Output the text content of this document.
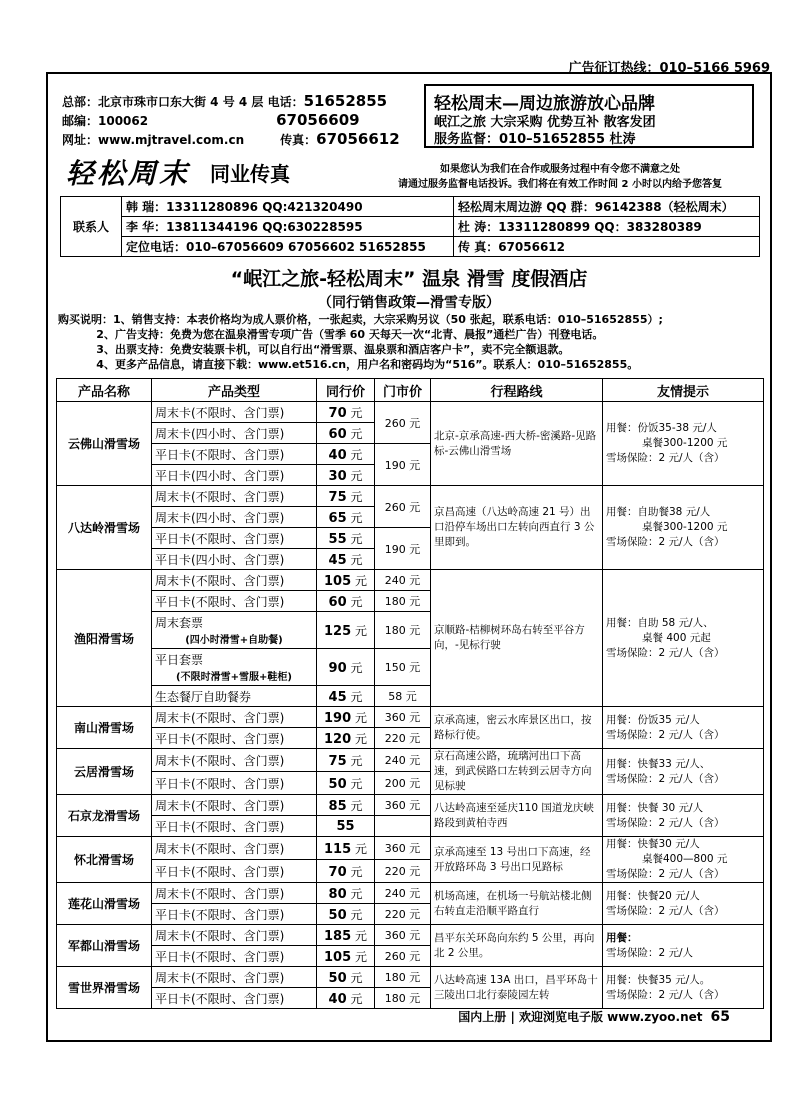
广告征订热线：010–5166 5969
总部：北京市珠市口东大街 4 号 4 层 电话：51652855
邮编：100062	67056609
网址：www.mjtravel.com.cn	传真：67056612
轻松周末—周边旅游放心品牌
岷江之旅 大宗采购 优势互补 散客发团
服务监督：010–51652855 杜涛
轻松周末 同业传真	如果您认为我们在合作或服务过程中有令您不满意之处
请通过服务监督电话投诉。我们将在有效工作时间 2 小时以内给予您答复
联系人	韩 瑞：13311280896 QQ:421320490	轻松周末周边游 QQ 群：96142388（轻松周末）
	李 华：13811344196 QQ:630228595	杜 涛：13311280899 QQ：383280389
	定位电话：010–67056609 67056602 51652855	传 真：67056612
“岷江之旅-轻松周末” 温泉 滑雪 度假酒店
（同行销售政策—滑雪专版）
购买说明：1、销售支持：本表价格均为成人票价格，一张起卖，大宗采购另议（50 张起，联系电话：010–51652855）;
2、广告支持：免费为您在温泉滑雪专项广告（雪季 60 天每天一次“北青、晨报”通栏广告）刊登电话。
3、出票支持：免费安装票卡机，可以自行出“滑雪票、温泉票和酒店客户卡”，卖不完全额退款。
4、更多产品信息，请直接下载：www.et516.cn，用户名和密码均为“516”。联系人：010–51652855。
产品名称	产品类型	同行价	门市价	行程路线	友情提示
云佛山滑雪场	周末卡(不限时、含门票)	70 元	260 元	北京-京承高速-西大桥-密溪路-见路标-云佛山滑雪场	用餐：份饭35-38 元/人
桌餐300-1200 元
雪场保险：2 元/人（含）

	周末卡(四小时、含门票)	60 元			
	平日卡(不限时、含门票)	40 元	190 元		
	平日卡(四小时、含门票)	30 元			
八达岭滑雪场	周末卡(不限时、含门票)	75 元	260 元	京昌高速（八达岭高速 21 号）出口沿停车场出口左转向西直行 3 公里即到。	用餐：自助餐38 元/人
桌餐300-1200 元
雪场保险：2 元/人（含）

	周末卡(四小时、含门票)	65 元			
	平日卡(不限时、含门票)	55 元	190 元		
	平日卡(四小时、含门票)	45 元			
渔阳滑雪场	周末卡(不限时、含门票)	105 元	240 元	京顺路-桔柳树环岛右转至平谷方向，-见标行驶	用餐：自助 58 元/人、
桌餐 400 元起
雪场保险：2 元/人（含）

	平日卡(不限时、含门票)	60 元	180 元		

	周末套票
(四小时滑雪+自助餐)	125 元	180 元		

	平日套票
(不限时滑雪+雪服+鞋柜)	90 元	150 元		
	生态餐厅自助餐券	45 元	58 元		
南山滑雪场	周末卡(不限时、含门票)	190 元	360 元	京承高速，密云水库景区出口，按路标行使。	用餐：份饭35 元/人
雪场保险：2 元/人（含）

	平日卡(不限时、含门票)	120 元	220 元		
云居滑雪场	周末卡(不限时、含门票)	75 元	240 元	京石高速公路，琉璃河出口下高速，到武侯路口左转到云居寺方向见标驶	用餐：快餐33 元/人、
雪场保险：2 元/人（含）

	平日卡(不限时、含门票)	50 元	200 元		
石京龙滑雪场	周末卡(不限时、含门票)	85 元	360 元	八达岭高速至延庆110 国道龙庆峡路段到黄柏寺西	用餐：快餐 30 元/人
雪场保险：2 元/人（含）

	平日卡(不限时、含门票)	55			
怀北滑雪场	周末卡(不限时、含门票)	115 元	360 元	京承高速至 13 号出口下高速，经开放路环岛 3 号出口见路标	用餐：快餐30 元/人
桌餐400—800 元
雪场保险：2 元/人（含）

	平日卡(不限时、含门票)	70 元	220 元		
莲花山滑雪场	周末卡(不限时、含门票)	80 元	240 元	机场高速，在机场一号航站楼北侧右转直走沿顺平路直行	用餐：快餐20 元/人
雪场保险：2 元/人（含）

	平日卡(不限时、含门票)	50 元	220 元		
军都山滑雪场	周末卡(不限时、含门票)	185 元	360 元	昌平东关环岛向东约 5 公里，再向北 2 公里。	用餐：
雪场保险：2 元/人

	平日卡(不限时、含门票)	105 元	260 元		
雪世界滑雪场	周末卡(不限时、含门票)	50 元	180 元	八达岭高速 13A 出口，昌平环岛十三陵出口北行泰陵园左转	用餐：快餐35 元/人。
雪场保险：2 元/人（含）

	平日卡(不限时、含门票)	40 元	180 元		
国内上册 | 欢迎浏览电子版 www.zyoo.net 65
